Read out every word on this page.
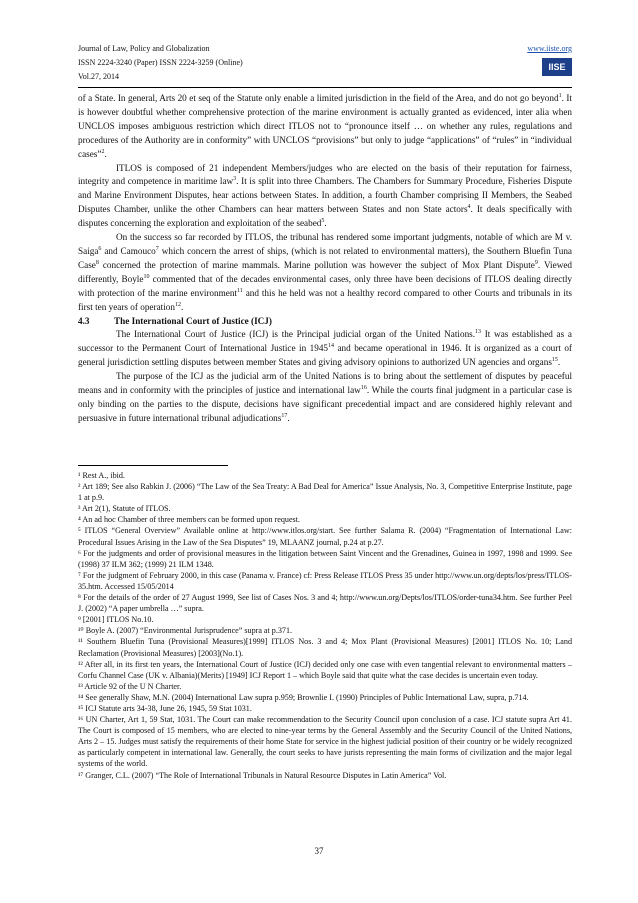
Journal of Law, Policy and Globalization
ISSN 2224-3240 (Paper) ISSN 2224-3259 (Online)
Vol.27, 2014
www.iiste.org
IISE

of a State. In general, Arts 20 et seq of the Statute only enable a limited jurisdiction in the field of the Area, and do not go beyond$^1$. It is however doubtful whether comprehensive protection of the marine environment is actually granted as evidenced, inter alia when UNCLOS imposes ambiguous restriction which direct ITLOS not to “pronounce itself … on whether any rules, regulations and procedures of the Authority are in conformity” with UNCLOS “provisions” but only to judge “applications” of “rules” in “individual cases”$^2$.

ITLOS is composed of 21 independent Members/judges who are elected on the basis of their reputation for fairness, integrity and competence in maritime law$^3$. It is split into three Chambers. The Chambers for Summary Procedure, Fisheries Dispute and Marine Environment Disputes, hear actions between States. In addition, a fourth Chamber comprising II Members, the Seabed Disputes Chamber, unlike the other Chambers can hear matters between States and non State actors$^4$. It deals specifically with disputes concerning the exploration and exploitation of the seabed$^5$.

On the success so far recorded by ITLOS, the tribunal has rendered some important judgments, notable of which are M v. Saiga$^6$ and Camouco$^7$ which concern the arrest of ships, (which is not related to environmental matters), the Southern Bluefin Tuna Case$^8$ concerned the protection of marine mammals. Marine pollution was however the subject of Mox Plant Dispute$^9$. Viewed differently, Boyle$^{10}$ commented that of the decades environmental cases, only three have been decisions of ITLOS dealing directly with protection of the marine environment$^{11}$ and this he held was not a healthy record compared to other Courts and tribunals in its first ten years of operation$^{12}$.

4.3	The International Court of Justice (ICJ)

The International Court of Justice (ICJ) is the Principal judicial organ of the United Nations.$^{13}$ It was established as a successor to the Permanent Court of International Justice in 1945$^{14}$ and became operational in 1946. It is organized as a court of general jurisdiction settling disputes between member States and giving advisory opinions to authorized UN agencies and organs$^{15}$.

The purpose of the ICJ as the judicial arm of the United Nations is to bring about the settlement of disputes by peaceful means and in conformity with the principles of justice and international law$^{16}$. While the courts final judgment in a particular case is only binding on the parties to the dispute, decisions have significant precedential impact and are considered highly relevant and persuasive in future international tribunal adjudications$^{17}$.

¹ Rest A., ibid.

² Art 189; See also Rabkin J. (2006) “The Law of the Sea Treaty: A Bad Deal for America” Issue Analysis, No. 3, Competitive Enterprise Institute, page 1 at p.9.

³ Art 2(1), Statute of ITLOS.

⁴ An ad hoc Chamber of three members can be formed upon request.

⁵ ITLOS “General Overview” Available online at http://www.itlos.org/start. See further Salama R. (2004) “Fragmentation of International Law: Procedural Issues Arising in the Law of the Sea Disputes” 19, MLAANZ journal, p.24 at p.27.

⁶ For the judgments and order of provisional measures in the litigation between Saint Vincent and the Grenadines, Guinea in 1997, 1998 and 1999. See (1998) 37 ILM 362; (1999) 21 ILM 1348.

⁷ For the judgment of February 2000, in this case (Panama v. France) cf: Press Release ITLOS Press 35 under http://www.un.org/depts/los/press/ITLOS-35.htm. Accessed 15/05/2014

⁸ For the details of the order of 27 August 1999, See list of Cases Nos. 3 and 4; http://www.un.org/Depts/los/ITLOS/order-tuna34.htm. See further Peel J. (2002) “A paper umbrella …” supra.

⁹ [2001] ITLOS No.10.

¹⁰ Boyle A. (2007) “Environmental Jurisprudence” supra at p.371.

¹¹ Southern Bluefin Tuna (Provisional Measures)[1999] ITLOS Nos. 3 and 4; Mox Plant (Provisional Measures) [2001] ITLOS No. 10; Land Reclamation (Provisional Measures) [2003](No.1).

¹² After all, in its first ten years, the International Court of Justice (ICJ) decided only one case with even tangential relevant to environmental matters – Corfu Channel Case (UK v. Albania)(Merits) [1949] ICJ Report 1 – which Boyle said that quite what the case decides is uncertain even today.

¹³ Article 92 of the U N Charter.

¹⁴ See generally Shaw, M.N. (2004) International Law supra p.959; Brownlie I. (1990) Principles of Public International Law, supra, p.714.

¹⁵ ICJ Statute arts 34-38, June 26, 1945, 59 Stat 1031.

¹⁶ UN Charter, Art 1, 59 Stat, 1031. The Court can make recommendation to the Security Council upon conclusion of a case. ICJ statute supra Art 41. The Court is composed of 15 members, who are elected to nine-year terms by the General Assembly and the Security Council of the United Nations, Arts 2 – 15. Judges must satisfy the requirements of their home State for service in the highest judicial position of their country or be widely recognized as particularly competent in international law. Generally, the court seeks to have jurists representing the main forms of civilization and the major legal systems of the world.

¹⁷ Granger, C.L. (2007) “The Role of International Tribunals in Natural Resource Disputes in Latin America” Vol.

37
